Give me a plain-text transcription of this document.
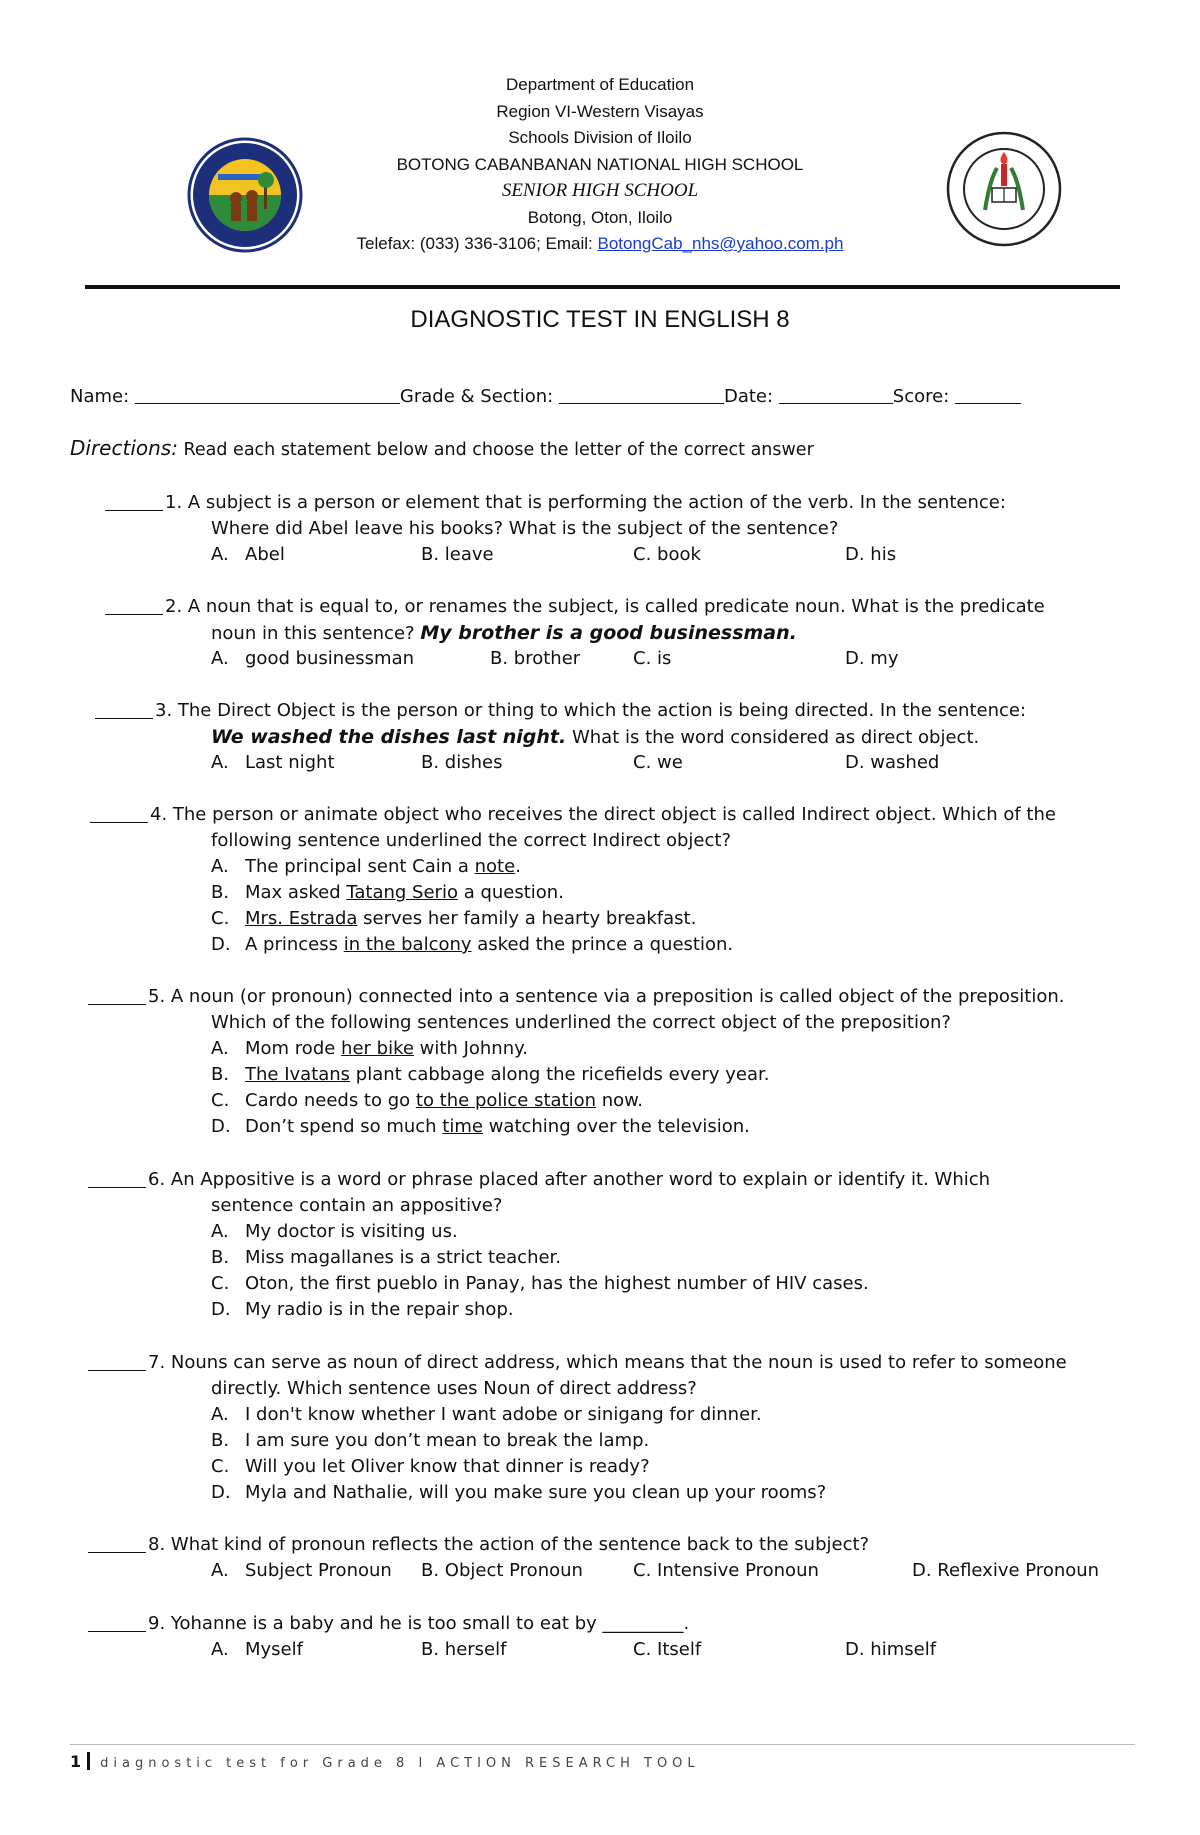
Department of Education
Region VI-Western Visayas
Schools Division of Iloilo
BOTONG CABANBANAN NATIONAL HIGH SCHOOL
SENIOR HIGH SCHOOL
Botong, Oton, Iloilo
Telefax: (033) 336-3106; Email: BotongCab_nhs@yahoo.com.ph
DIAGNOSTIC TEST IN ENGLISH 8
Name:	Grade & Section:	Date:	Score:
Directions: Read each statement below and choose the letter of the correct answer
1. A subject is a person or element that is performing the action of the verb. In the sentence:
Where did Abel leave his books? What is the subject of the sentence?
A. Abel	B. leave	C. book	D. his
2. A noun that is equal to, or renames the subject, is called predicate noun. What is the predicate
noun in this sentence? My brother is a good businessman.
A. good businessman	B. brother	C. is	D. my
3. The Direct Object is the person or thing to which the action is being directed. In the sentence:
We washed the dishes last night. What is the word considered as direct object.
A. Last night	B. dishes	C. we	D. washed
4. The person or animate object who receives the direct object is called Indirect object. Which of the
following sentence underlined the correct Indirect object?
A. The principal sent Cain a note.
B. Max asked Tatang Serio a question.
C. Mrs. Estrada serves her family a hearty breakfast.
D. A princess in the balcony asked the prince a question.
5. A noun (or pronoun) connected into a sentence via a preposition is called object of the preposition.
Which of the following sentences underlined the correct object of the preposition?
A. Mom rode her bike with Johnny.
B. The Ivatans plant cabbage along the ricefields every year.
C. Cardo needs to go to the police station now.
D. Don’t spend so much time watching over the television.
6. An Appositive is a word or phrase placed after another word to explain or identify it. Which
sentence contain an appositive?
A. My doctor is visiting us.
B. Miss magallanes is a strict teacher.
C. Oton, the first pueblo in Panay, has the highest number of HIV cases.
D. My radio is in the repair shop.
7. Nouns can serve as noun of direct address, which means that the noun is used to refer to someone
directly. Which sentence uses Noun of direct address?
A. I don't know whether I want adobe or sinigang for dinner.
B. I am sure you don’t mean to break the lamp.
C. Will you let Oliver know that dinner is ready?
D. Myla and Nathalie, will you make sure you clean up your rooms?
8. What kind of pronoun reflects the action of the sentence back to the subject?
A. Subject Pronoun B. Object Pronoun	C. Intensive Pronoun	D. Reflexive Pronoun
9. Yohanne is a baby and he is too small to eat by _________.
A. Myself	B. herself	C. Itself	D. himself
1 diagnostic test for Grade 8 I ACTION RESEARCH TOOL
